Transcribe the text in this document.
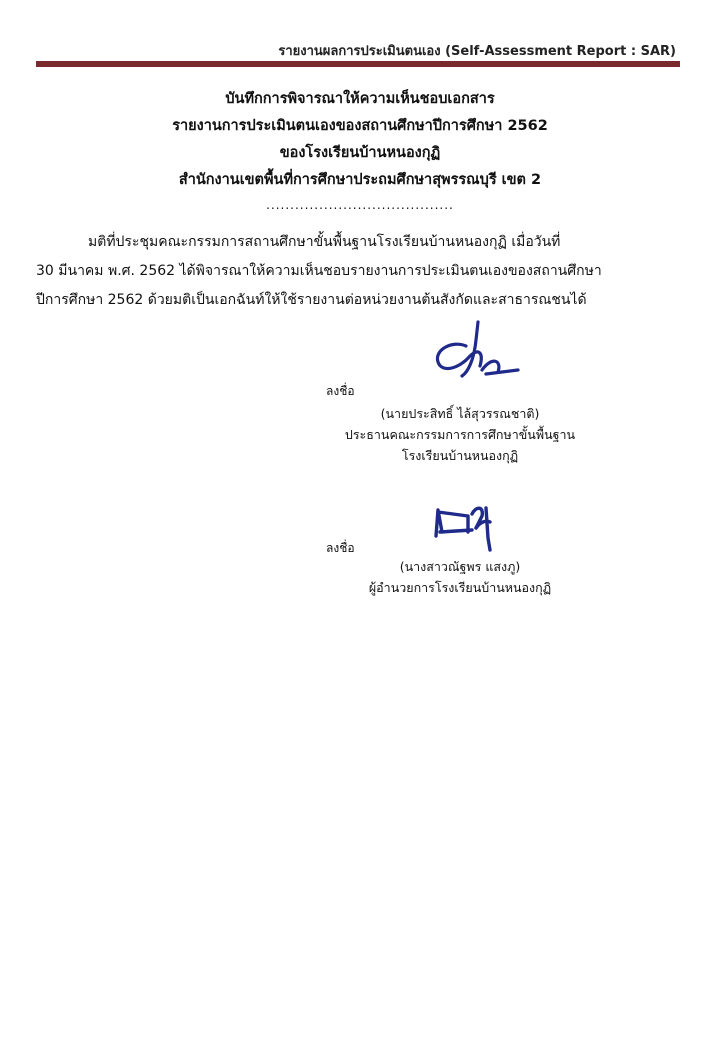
รายงานผลการประเมินตนเอง (Self-Assessment Report : SAR)
บันทึกการพิจารณาให้ความเห็นชอบเอกสาร
รายงานการประเมินตนเองของสถานศึกษาปีการศึกษา 2562
ของโรงเรียนบ้านหนองกุฏิ
สำนักงานเขตพื้นที่การศึกษาประถมศึกษาสุพรรณบุรี เขต 2
.......................................
มติที่ประชุมคณะกรรมการสถานศึกษาขั้นพื้นฐานโรงเรียนบ้านหนองกุฏิ เมื่อวันที่
30 มีนาคม พ.ศ. 2562 ได้พิจารณาให้ความเห็นชอบรายงานการประเมินตนเองของสถานศึกษา
ปีการศึกษา 2562 ด้วยมติเป็นเอกฉันท์ให้ใช้รายงานต่อหน่วยงานต้นสังกัดและสาธารณชนได้
ลงชื่อ
(นายประสิทธิ์ ไล้สุวรรณชาติ)
ประธานคณะกรรมการการศึกษาขั้นพื้นฐาน
โรงเรียนบ้านหนองกุฏิ
ลงชื่อ
(นางสาวณัฐพร แสงภู)
ผู้อำนวยการโรงเรียนบ้านหนองกุฏิ
